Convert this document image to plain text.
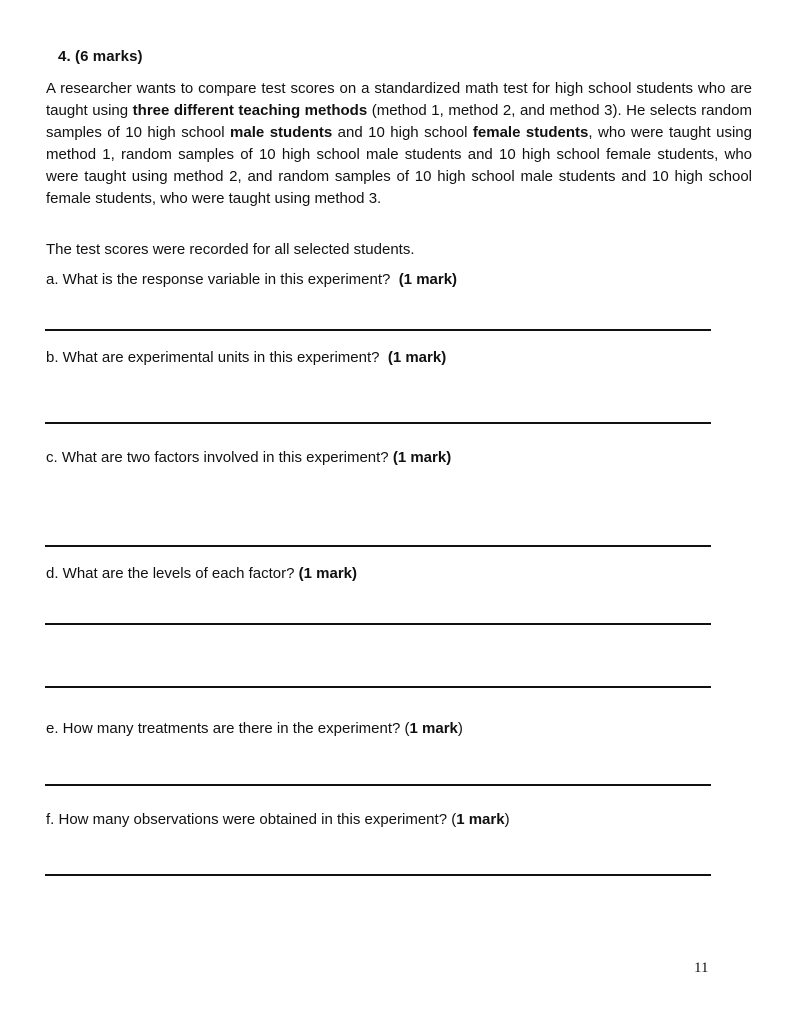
4. (6 marks)

A researcher wants to compare test scores on a standardized math test for high school students who are taught using three different teaching methods (method 1, method 2, and method 3). He selects random samples of 10 high school male students and 10 high school female students, who were taught using method 1, random samples of 10 high school male students and 10 high school female students, who were taught using method 2, and random samples of 10 high school male students and 10 high school female students, who were taught using method 3.

The test scores were recorded for all selected students.

a. What is the response variable in this experiment?  (1 mark)

b. What are experimental units in this experiment?  (1 mark)

c. What are two factors involved in this experiment? (1 mark)

d. What are the levels of each factor? (1 mark)

e. How many treatments are there in the experiment? (1 mark)

f. How many observations were obtained in this experiment? (1 mark)

11
